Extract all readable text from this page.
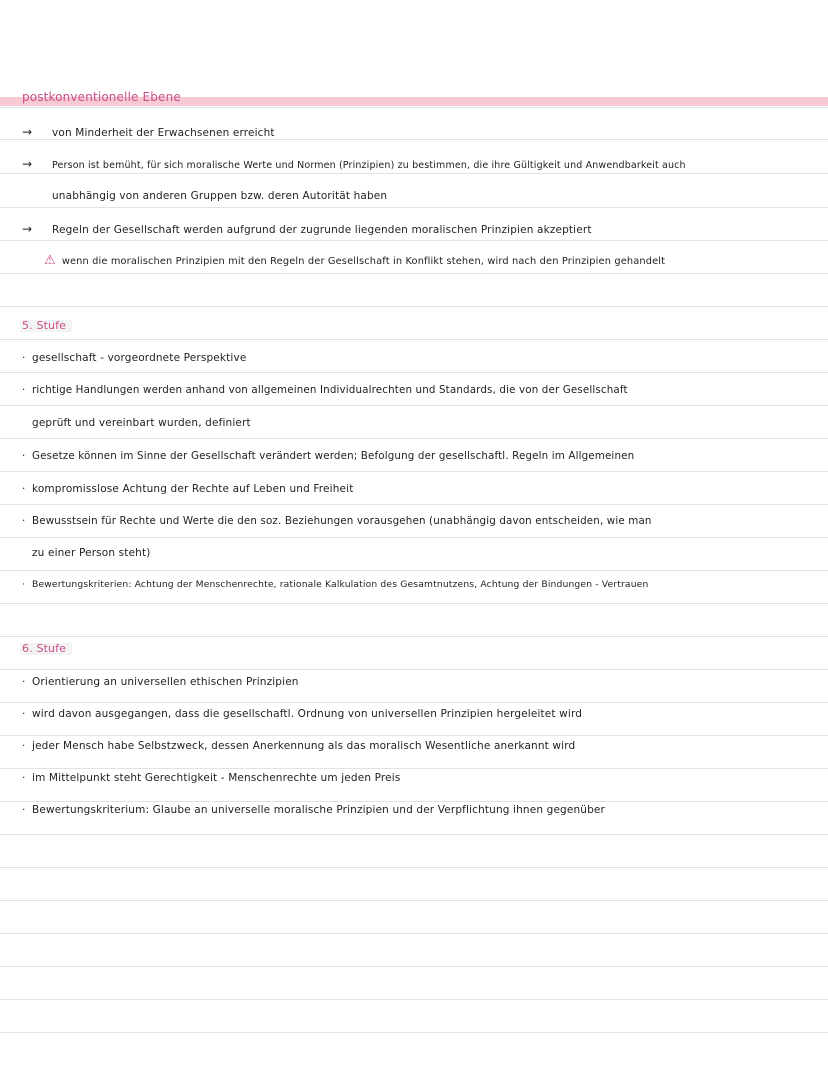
postkonventionelle Ebene
→ von Minderheit der Erwachsenen erreicht
→ Person ist bemüht, für sich moralische Werte und Normen (Prinzipien) zu bestimmen, die ihre Gültigkeit und Anwendbarkeit auch
unabhängig von anderen Gruppen bzw. deren Autorität haben
→ Regeln der Gesellschaft werden aufgrund der zugrunde liegenden moralischen Prinzipien akzeptiert
⚠ wenn die moralischen Prinzipien mit den Regeln der Gesellschaft in Konflikt stehen, wird nach den Prinzipien gehandelt
5. Stufe
· gesellschaft - vorgeordnete Perspektive
· richtige Handlungen werden anhand von allgemeinen Individualrechten und Standards, die von der Gesellschaft
geprüft und vereinbart wurden, definiert
· Gesetze können im Sinne der Gesellschaft verändert werden; Befolgung der gesellschaftl. Regeln im Allgemeinen
· kompromisslose Achtung der Rechte auf Leben und Freiheit
· Bewusstsein für Rechte und Werte die den soz. Beziehungen vorausgehen (unabhängig davon entscheiden, wie man
zu einer Person steht)
· Bewertungskriterien: Achtung der Menschenrechte, rationale Kalkulation des Gesamtnutzens, Achtung der Bindungen - Vertrauen
6. Stufe
· Orientierung an universellen ethischen Prinzipien
· wird davon ausgegangen, dass die gesellschaftl. Ordnung von universellen Prinzipien hergeleitet wird
· jeder Mensch habe Selbstzweck, dessen Anerkennung als das moralisch Wesentliche anerkannt wird
· im Mittelpunkt steht Gerechtigkeit - Menschenrechte um jeden Preis
· Bewertungskriterium: Glaube an universelle moralische Prinzipien und der Verpflichtung ihnen gegenüber
